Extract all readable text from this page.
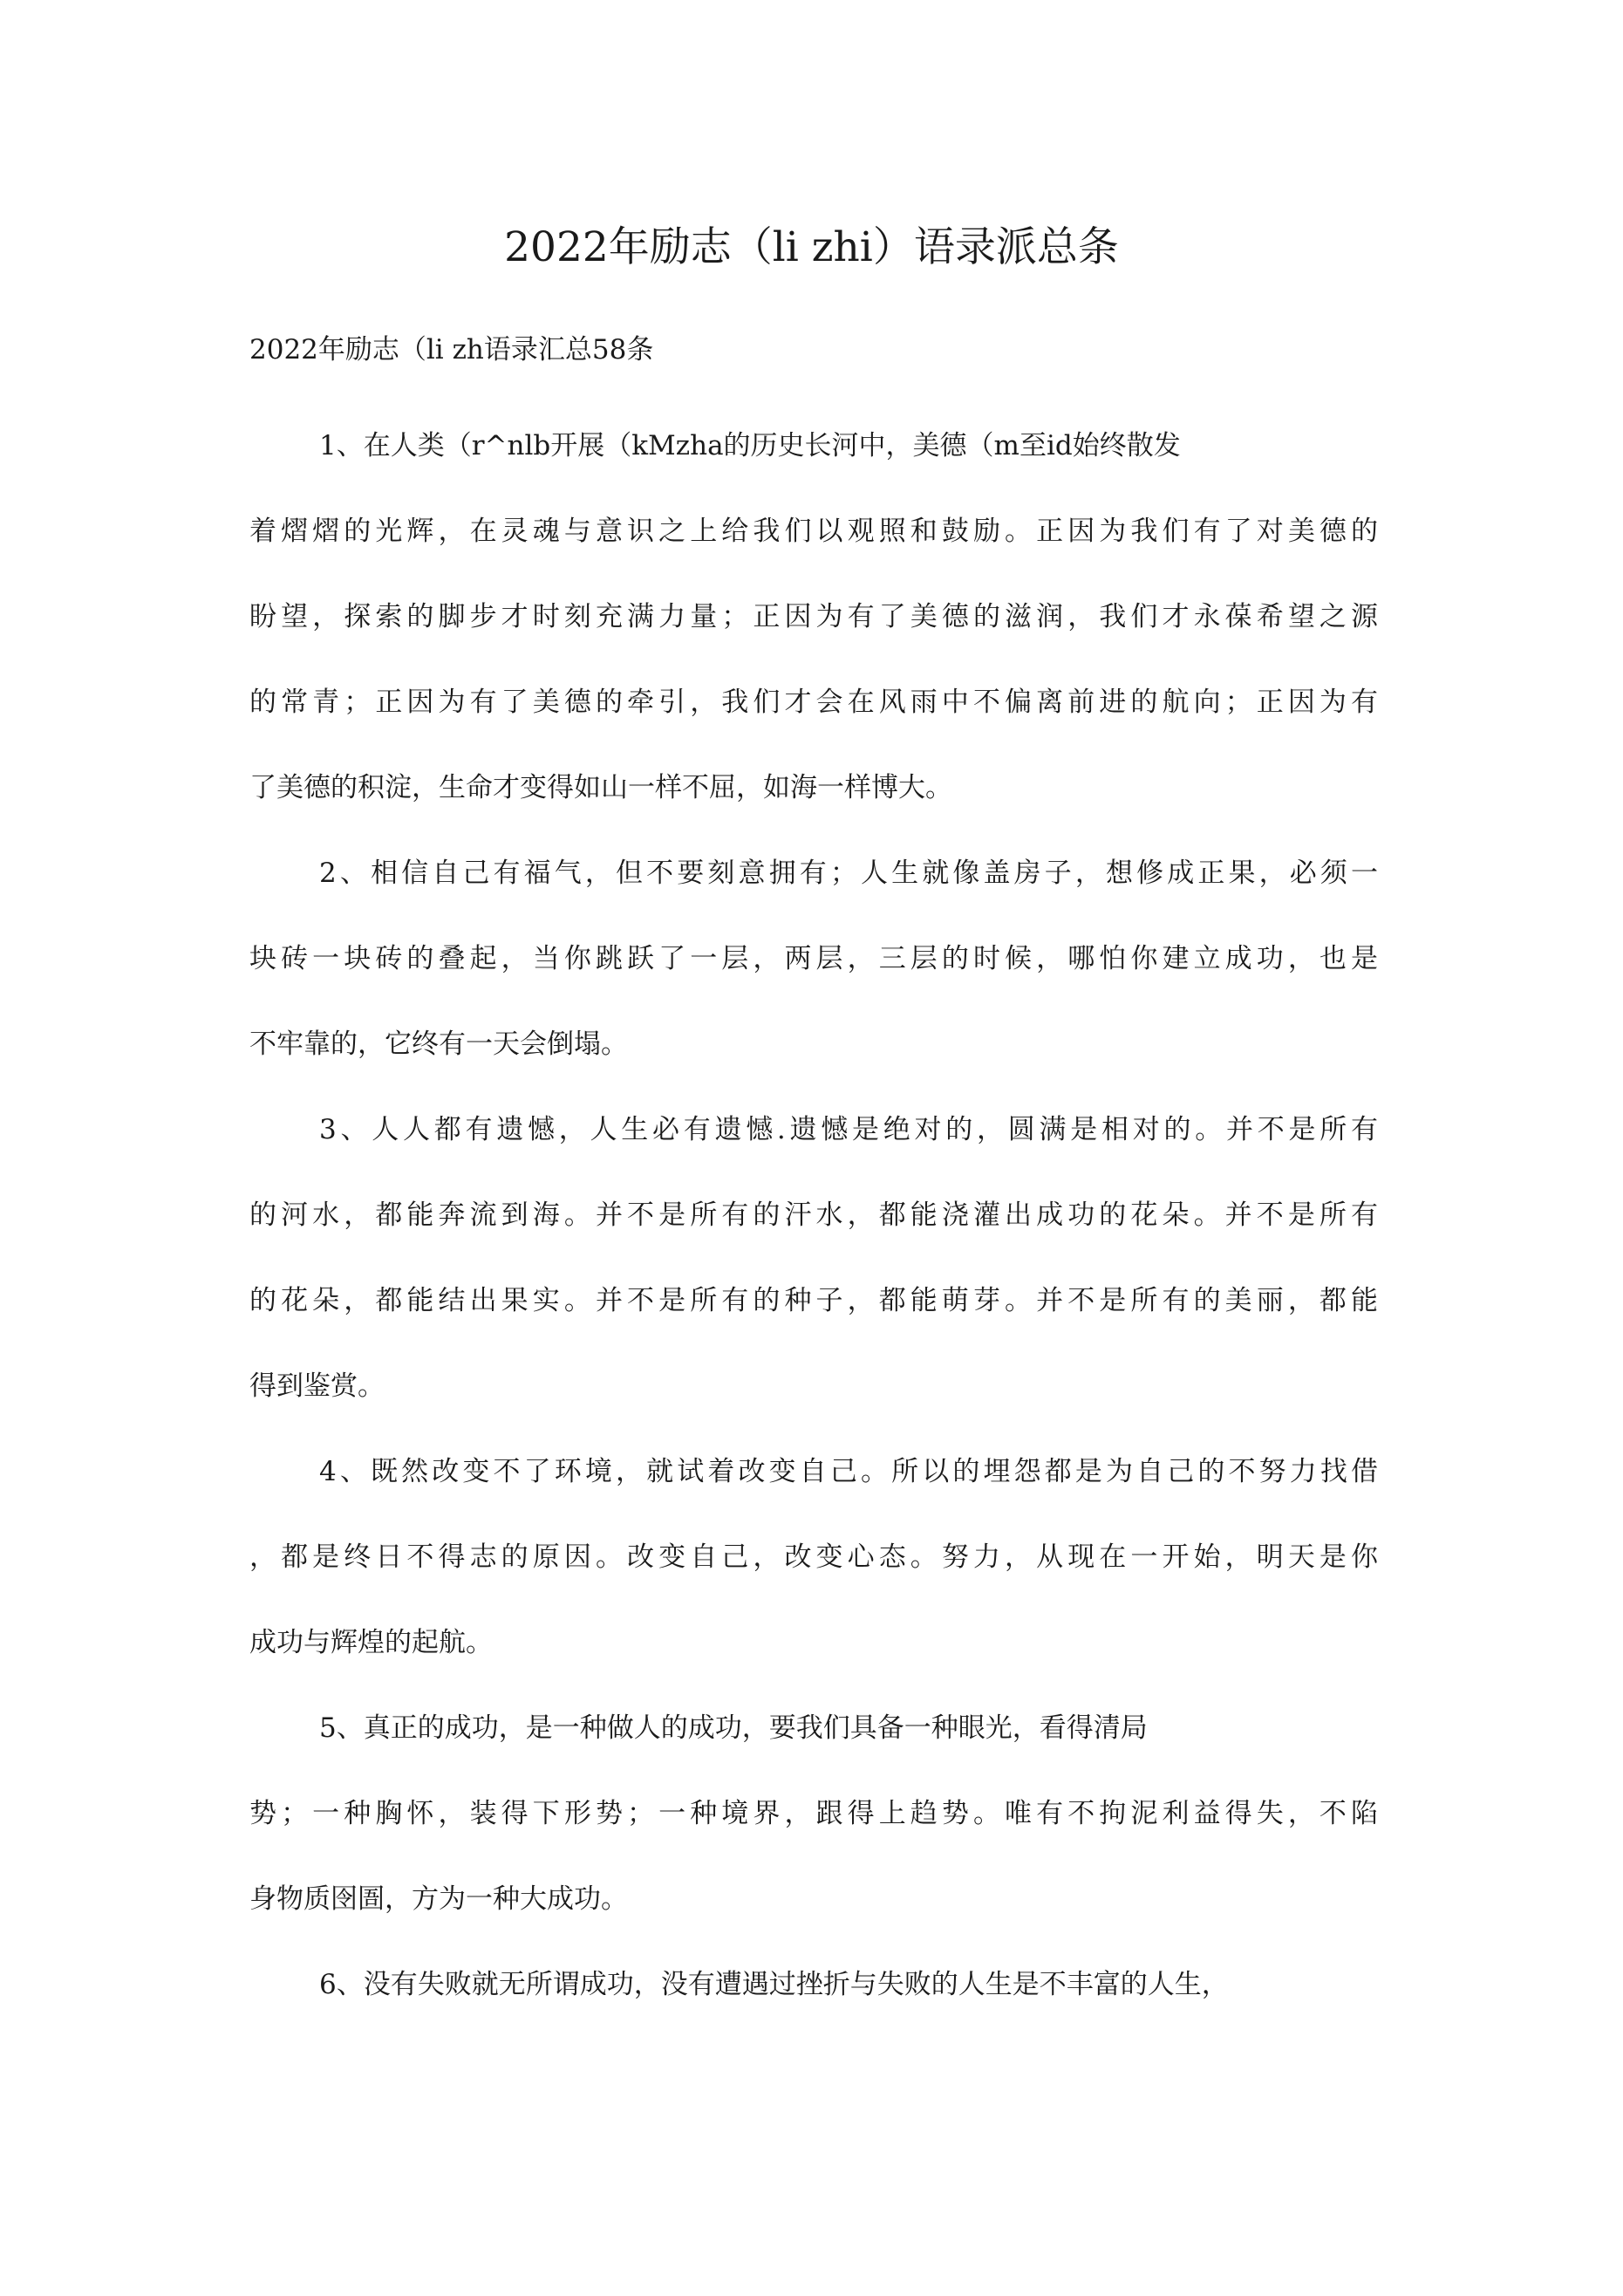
2022年励志（li zhi）语录派总条
2022年励志（li zh语录汇总58条
1、在人类（r^nlb开展（kMzha的历史长河中，美德（m至id始终散发
着熠熠的光辉，在灵魂与意识之上给我们以观照和鼓励。正因为我们有了对美德的
盼望，探索的脚步才时刻充满力量；正因为有了美德的滋润，我们才永葆希望之源
的常青；正因为有了美德的牵引，我们才会在风雨中不偏离前进的航向；正因为有
了美德的积淀，生命才变得如山一样不屈，如海一样博大。
2、相信自己有福气，但不要刻意拥有；人生就像盖房子，想修成正果，必须一
块砖一块砖的叠起，当你跳跃了一层，两层，三层的时候，哪怕你建立成功，也是
不牢靠的，它终有一天会倒塌。
3、人人都有遗憾，人生必有遗憾.遗憾是绝对的，圆满是相对的。并不是所有
的河水，都能奔流到海。并不是所有的汗水，都能浇灌出成功的花朵。并不是所有
的花朵，都能结出果实。并不是所有的种子，都能萌芽。并不是所有的美丽，都能
得到鉴赏。
4、既然改变不了环境，就试着改变自己。所以的埋怨都是为自己的不努力找借
，都是终日不得志的原因。改变自己，改变心态。努力，从现在一开始，明天是你
成功与辉煌的起航。
5、真正的成功，是一种做人的成功，要我们具备一种眼光，看得清局
势；一种胸怀，装得下形势；一种境界，跟得上趋势。唯有不拘泥利益得失，不陷
身物质囹圄，方为一种大成功。
6、没有失败就无所谓成功，没有遭遇过挫折与失败的人生是不丰富的人生，
